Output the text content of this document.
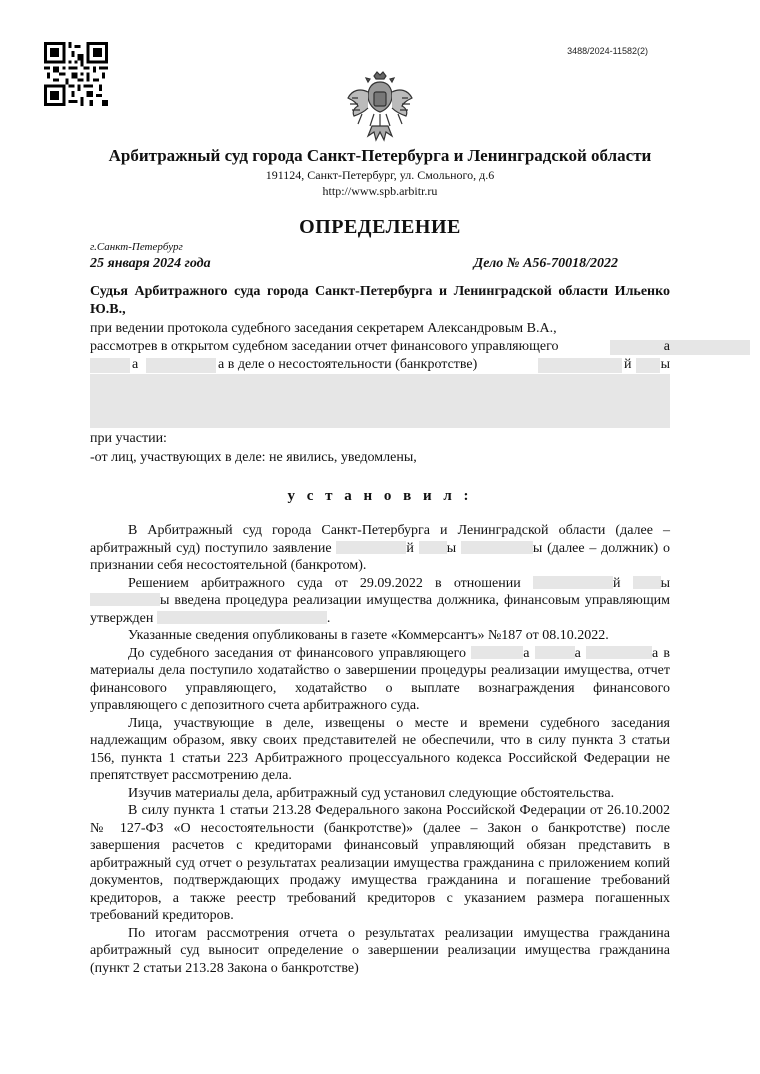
3488/2024-11582(2)
Арбитражный суд города Санкт-Петербурга и Ленинградской области
191124, Санкт-Петербург, ул. Смольного, д.6
http://www.spb.arbitr.ru
ОПРЕДЕЛЕНИЕ
г.Санкт-Петербург
25 января 2024 года	Дело № А56-70018/2022
Судья Арбитражного суда города Санкт-Петербурга и Ленинградской области Ильенко Ю.В.,
при ведении протокола судебного заседания секретарем Александровым В.А.,
рассмотрев в открытом судебном заседании отчет финансового управляющего	а
а	а в деле о несостоятельности (банкротстве)	й ы
при участии:
-от лиц, участвующих в деле: не явились, уведомлены,
у с т а н о в и л :

В Арбитражный суд города Санкт-Петербурга и Ленинградской области (далее – арбитражный суд) поступило заявление	й ы	ы (далее – должник) о признании себя несостоятельной (банкротом).

Решением арбитражного суда от 29.09.2022 в отношении	й	ы ы введена процедура реализации имущества должника, финансовым управляющим утвержден	.

Указанные сведения опубликованы в газете «Коммерсантъ» №187 от 08.10.2022.

До судебного заседания от финансового управляющего	а	а	а в материалы дела поступило ходатайство о завершении процедуры реализации имущества, отчет финансового управляющего, ходатайство о выплате вознаграждения финансового управляющего с депозитного счета арбитражного суда.

Лица, участвующие в деле, извещены о месте и времени судебного заседания надлежащим образом, явку своих представителей не обеспечили, что в силу пункта 3 статьи 156, пункта 1 статьи 223 Арбитражного процессуального кодекса Российской Федерации не препятствует рассмотрению дела.

Изучив материалы дела, арбитражный суд установил следующие обстоятельства.

В силу пункта 1 статьи 213.28 Федерального закона Российской Федерации от 26.10.2002 № 127-ФЗ «О несостоятельности (банкротстве)» (далее – Закон о банкротстве) после завершения расчетов с кредиторами финансовый управляющий обязан представить в арбитражный суд отчет о результатах реализации имущества гражданина с приложением копий документов, подтверждающих продажу имущества гражданина и погашение требований кредиторов, а также реестр требований кредиторов с указанием размера погашенных требований кредиторов.

По итогам рассмотрения отчета о результатах реализации имущества гражданина арбитражный суд выносит определение о завершении реализации имущества гражданина (пункт 2 статьи 213.28 Закона о банкротстве)
